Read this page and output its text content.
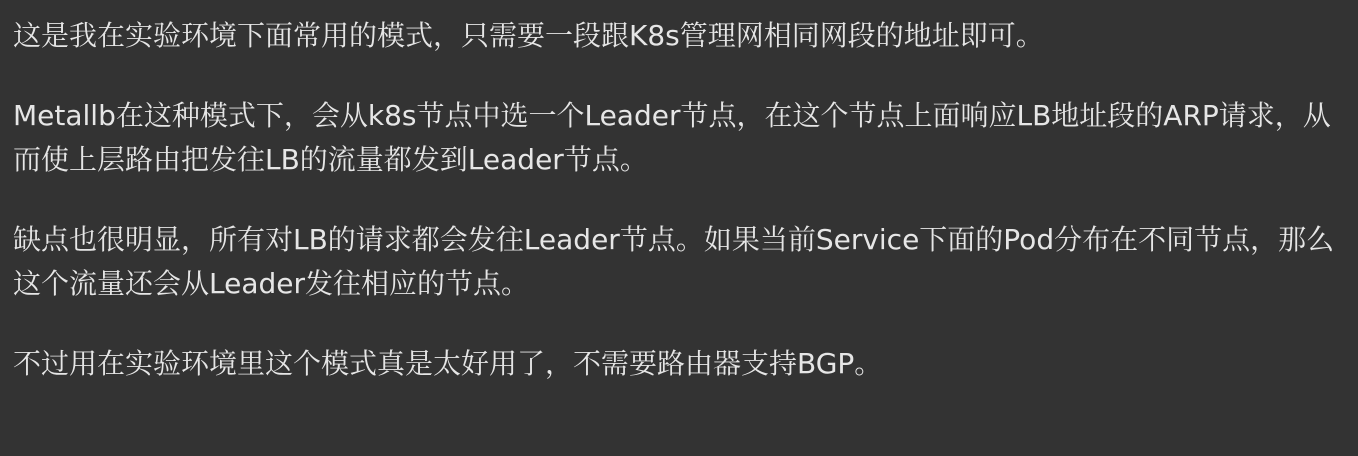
这是我在实验环境下面常用的模式，只需要一段跟K8s管理网相同网段的地址即可。

Metallb在这种模式下，会从k8s节点中选一个Leader节点，在这个节点上面响应LB地址段的ARP请求，从而使上层路由把发往LB的流量都发到Leader节点。

缺点也很明显，所有对LB的请求都会发往Leader节点。如果当前Service下面的Pod分布在不同节点，那么这个流量还会从Leader发往相应的节点。

不过用在实验环境里这个模式真是太好用了，不需要路由器支持BGP。
